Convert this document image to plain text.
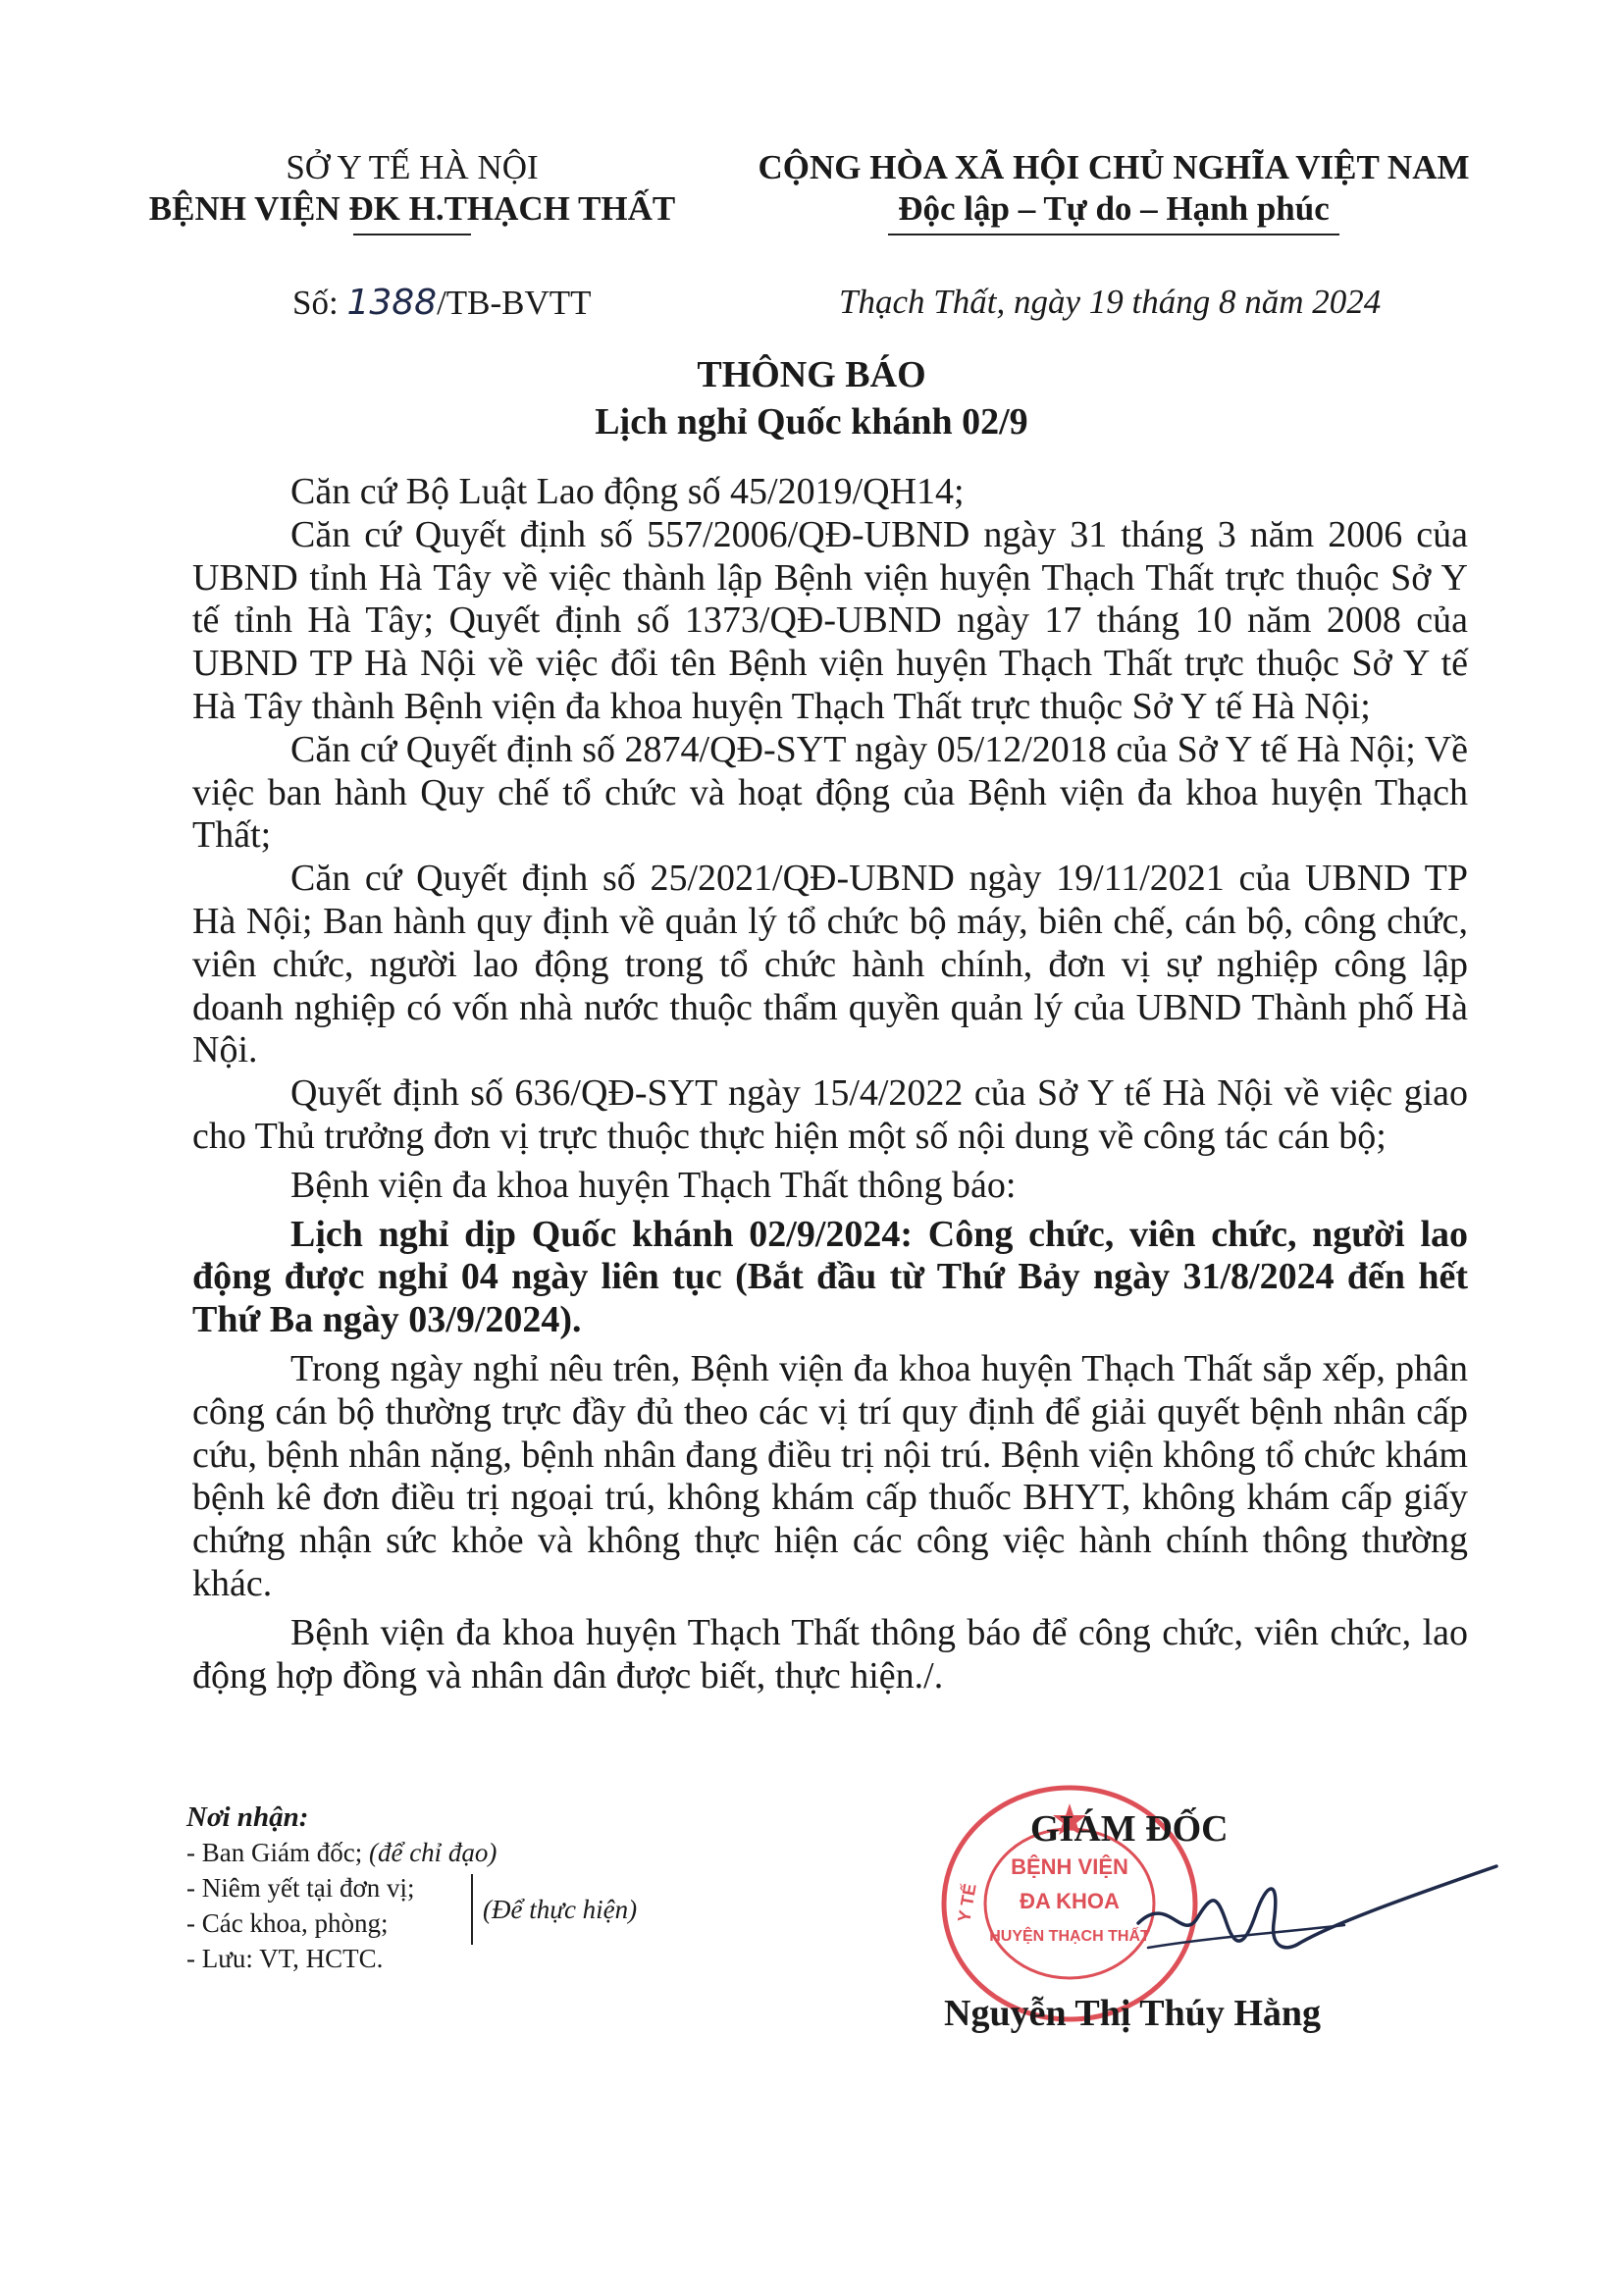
SỞ Y TẾ HÀ NỘI
BỆNH VIỆN ĐK H.THẠCH THẤT
CỘNG HÒA XÃ HỘI CHỦ NGHĨA VIỆT NAM
Độc lập – Tự do – Hạnh phúc
Số: 1388/TB-BVTT	Thạch Thất, ngày 19 tháng 8 năm 2024
THÔNG BÁO
Lịch nghỉ Quốc khánh 02/9

Căn cứ Bộ Luật Lao động số 45/2019/QH14;

Căn cứ Quyết định số 557/2006/QĐ-UBND ngày 31 tháng 3 năm 2006 của UBND tỉnh Hà Tây về việc thành lập Bệnh viện huyện Thạch Thất trực thuộc Sở Y tế tỉnh Hà Tây; Quyết định số 1373/QĐ-UBND ngày 17 tháng 10 năm 2008 của UBND TP Hà Nội về việc đổi tên Bệnh viện huyện Thạch Thất trực thuộc Sở Y tế Hà Tây thành Bệnh viện đa khoa huyện Thạch Thất trực thuộc Sở Y tế Hà Nội;

Căn cứ Quyết định số 2874/QĐ-SYT ngày 05/12/2018 của Sở Y tế Hà Nội; Về việc ban hành Quy chế tổ chức và hoạt động của Bệnh viện đa khoa huyện Thạch Thất;

Căn cứ Quyết định số 25/2021/QĐ-UBND ngày 19/11/2021 của UBND TP Hà Nội; Ban hành quy định về quản lý tổ chức bộ máy, biên chế, cán bộ, công chức, viên chức, người lao động trong tổ chức hành chính, đơn vị sự nghiệp công lập doanh nghiệp có vốn nhà nước thuộc thẩm quyền quản lý của UBND Thành phố Hà Nội.

Quyết định số 636/QĐ-SYT ngày 15/4/2022 của Sở Y tế Hà Nội về việc giao cho Thủ trưởng đơn vị trực thuộc thực hiện một số nội dung về công tác cán bộ;

Bệnh viện đa khoa huyện Thạch Thất thông báo:

Lịch nghỉ dịp Quốc khánh 02/9/2024: Công chức, viên chức, người lao động được nghỉ 04 ngày liên tục (Bắt đầu từ Thứ Bảy ngày 31/8/2024 đến hết Thứ Ba ngày 03/9/2024).

Trong ngày nghỉ nêu trên, Bệnh viện đa khoa huyện Thạch Thất sắp xếp, phân công cán bộ thường trực đầy đủ theo các vị trí quy định để giải quyết bệnh nhân cấp cứu, bệnh nhân nặng, bệnh nhân đang điều trị nội trú. Bệnh viện không tổ chức khám bệnh kê đơn điều trị ngoại trú, không khám cấp thuốc BHYT, không khám cấp giấy chứng nhận sức khỏe và không thực hiện các công việc hành chính thông thường khác.

Bệnh viện đa khoa huyện Thạch Thất thông báo để công chức, viên chức, lao động hợp đồng và nhân dân được biết, thực hiện./.

Nơi nhận:
- Ban Giám đốc; (để chỉ đạo)
- Niêm yết tại đơn vị;
- Các khoa, phòng;
- Lưu: VT, HCTC.
(Để thực hiện)
BỆNH VIỆN
ĐA KHOA
HUYỆN THẠCH THẤT
Y TẾ
GIÁM ĐỐC
Nguyễn Thị Thúy Hằng
